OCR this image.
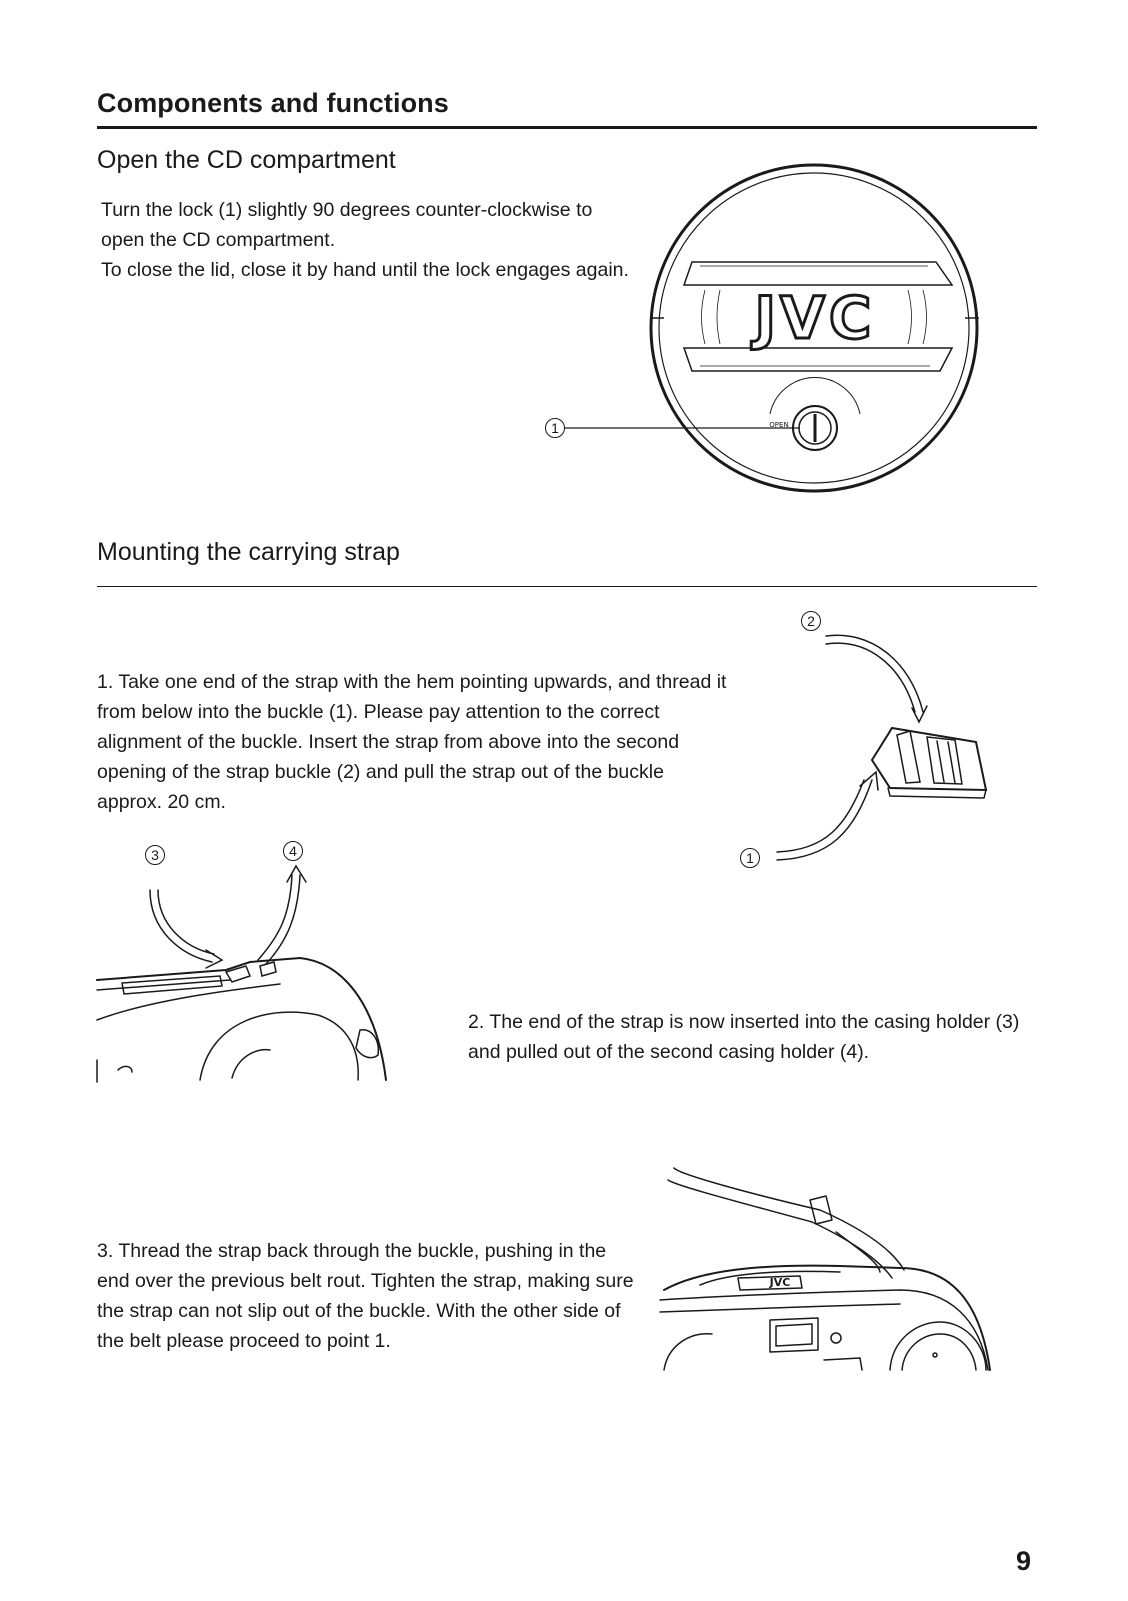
Components and functions
Open the CD compartment

Turn the lock (1) slightly 90 degrees counter-clockwise to open the CD compartment.

To close the lid, close it by hand until the lock engages again.

JVC
OPEN
1
Mounting the carrying strap
1. Take one end of the strap with the hem pointing upwards, and thread it from below into the buckle (1). Please pay attention to the correct alignment of the buckle. Insert the strap from above into the second opening of the strap buckle (2) and pull the strap out of the buckle approx. 20 cm.
2
1
3	4
2. The end of the strap is now inserted into the casing holder (3) and pulled out of the second casing holder (4).
3. Thread the strap back through the buckle, pushing in the end over the previous belt rout. Tighten the strap, making sure the strap can not slip out of the buckle. With the other side of the belt please proceed to point 1.
JVC
9
